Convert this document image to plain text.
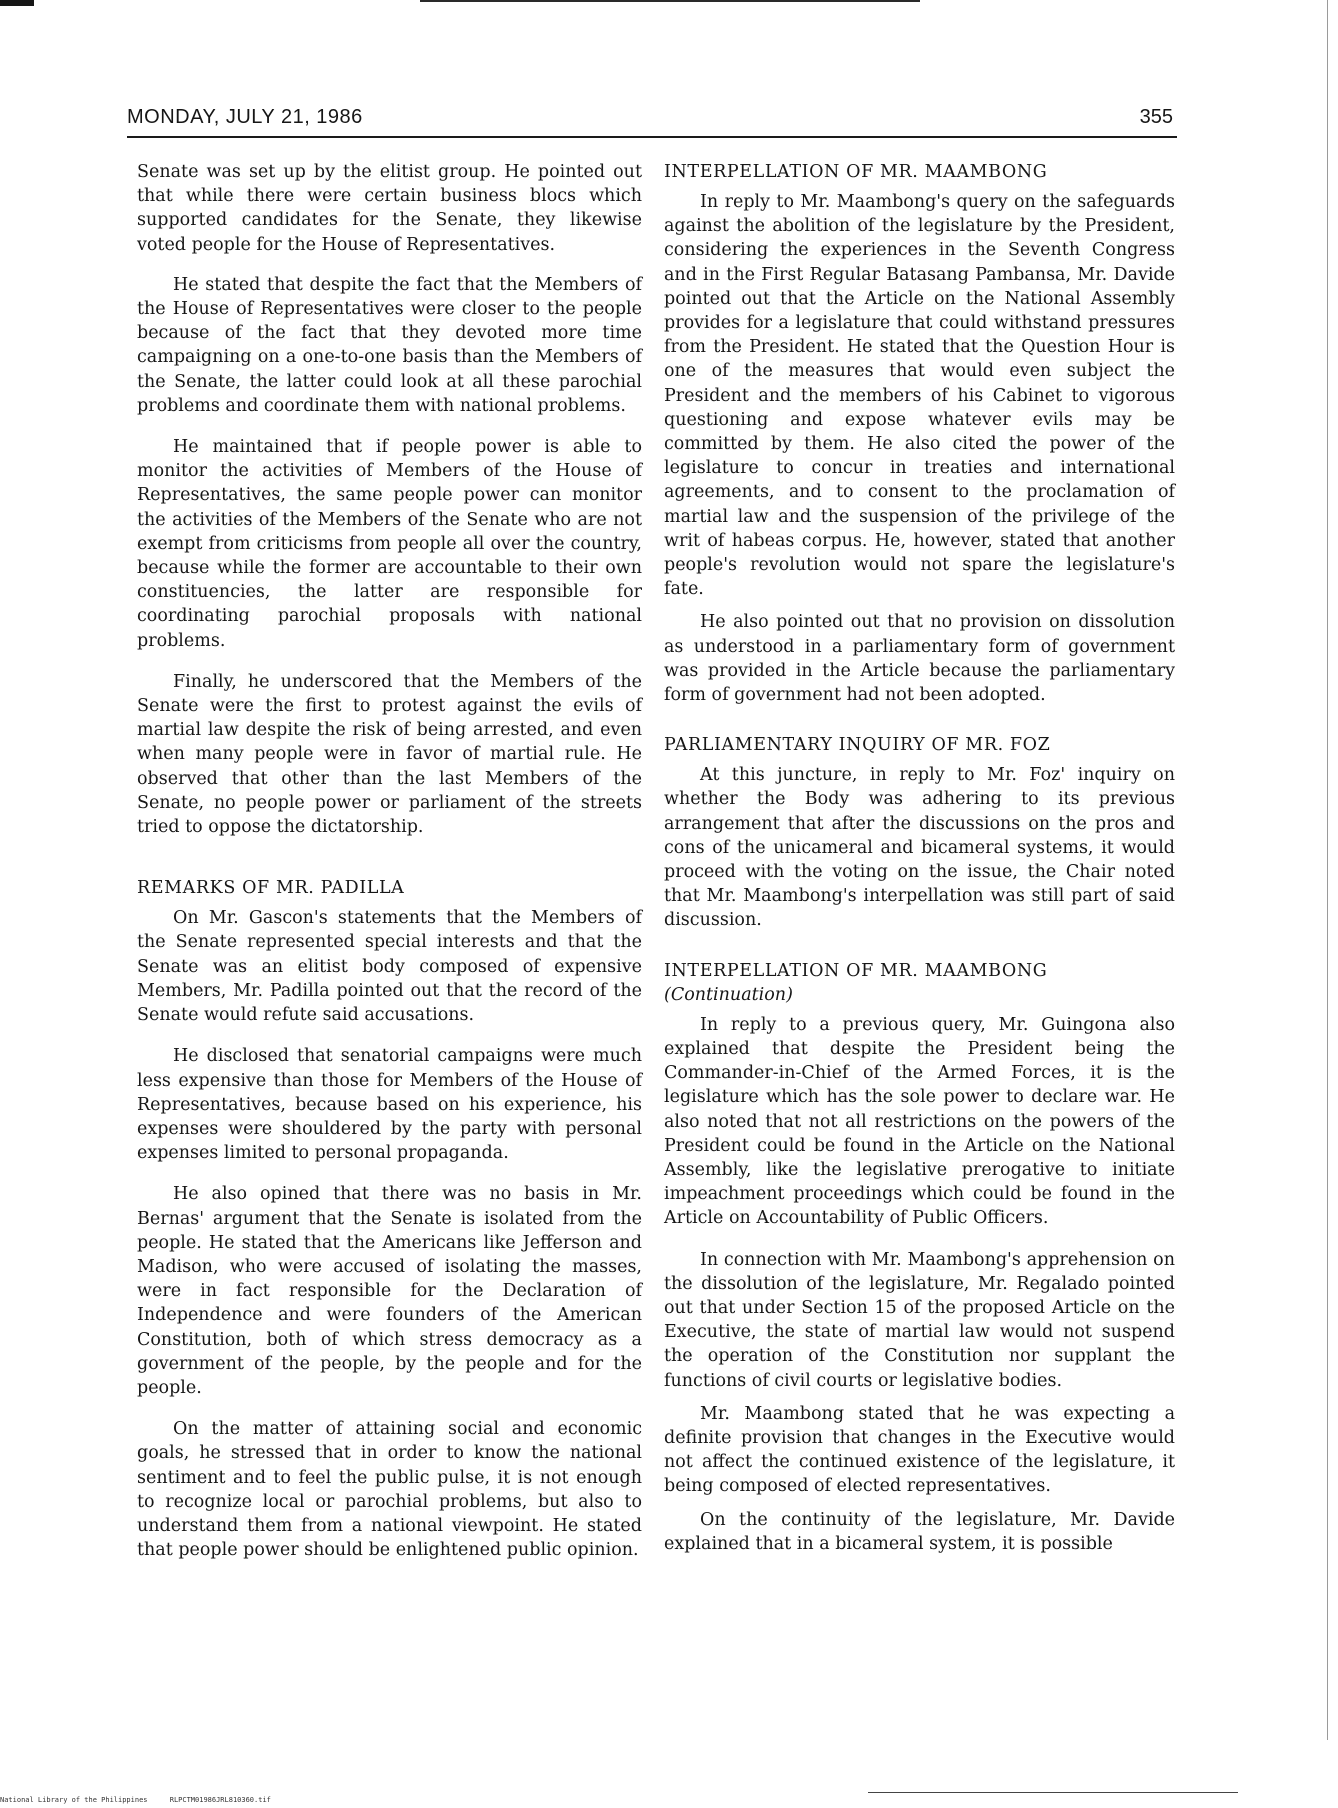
MONDAY, JULY 21, 1986	355

Senate was set up by the elitist group. He pointed out that while there were certain business blocs which supported candidates for the Senate, they likewise voted people for the House of Representatives.

He stated that despite the fact that the Members of the House of Representatives were closer to the people because of the fact that they devoted more time campaigning on a one-to-one basis than the Members of the Senate, the latter could look at all these parochial problems and coordinate them with national problems.

He maintained that if people power is able to monitor the activities of Members of the House of Representatives, the same people power can monitor the activities of the Members of the Senate who are not exempt from criticisms from people all over the country, because while the former are accountable to their own constituencies, the latter are responsible for coordinating parochial proposals with national problems.

Finally, he underscored that the Members of the Senate were the first to protest against the evils of martial law despite the risk of being arrested, and even when many people were in favor of martial rule. He observed that other than the last Members of the Senate, no people power or parliament of the streets tried to oppose the dictatorship.

REMARKS OF MR. PADILLA

On Mr. Gascon's statements that the Members of the Senate represented special interests and that the Senate was an elitist body composed of expensive Members, Mr. Padilla pointed out that the record of the Senate would refute said accusations.

He disclosed that senatorial campaigns were much less expensive than those for Members of the House of Representatives, because based on his experience, his expenses were shouldered by the party with personal expenses limited to personal propaganda.

He also opined that there was no basis in Mr. Bernas' argument that the Senate is isolated from the people. He stated that the Americans like Jefferson and Madison, who were accused of isolating the masses, were in fact responsible for the Declaration of Independence and were founders of the American Constitution, both of which stress democracy as a government of the people, by the people and for the people.

On the matter of attaining social and economic goals, he stressed that in order to know the national sentiment and to feel the public pulse, it is not enough to recognize local or parochial problems, but also to understand them from a national viewpoint. He stated that people power should be enlightened public opinion.

INTERPELLATION OF MR. MAAMBONG

In reply to Mr. Maambong's query on the safeguards against the abolition of the legislature by the President, considering the experiences in the Seventh Congress and in the First Regular Batasang Pambansa, Mr. Davide pointed out that the Article on the National Assembly provides for a legislature that could withstand pressures from the President. He stated that the Question Hour is one of the measures that would even subject the President and the members of his Cabinet to vigorous questioning and expose whatever evils may be committed by them. He also cited the power of the legislature to concur in treaties and international agreements, and to consent to the proclamation of martial law and the suspension of the privilege of the writ of habeas corpus. He, however, stated that another people's revolution would not spare the legislature's fate.

He also pointed out that no provision on dissolution as understood in a parliamentary form of government was provided in the Article because the parliamentary form of government had not been adopted.

PARLIAMENTARY INQUIRY OF MR. FOZ

At this juncture, in reply to Mr. Foz' inquiry on whether the Body was adhering to its previous arrangement that after the discussions on the pros and cons of the unicameral and bicameral systems, it would proceed with the voting on the issue, the Chair noted that Mr. Maambong's interpellation was still part of said discussion.

INTERPELLATION OF MR. MAAMBONG
(Continuation)

In reply to a previous query, Mr. Guingona also explained that despite the President being the Commander-in-Chief of the Armed Forces, it is the legislature which has the sole power to declare war. He also noted that not all restrictions on the powers of the President could be found in the Article on the National Assembly, like the legislative prerogative to initiate impeachment proceedings which could be found in the Article on Accountability of Public Officers.

In connection with Mr. Maambong's apprehension on the dissolution of the legislature, Mr. Regalado pointed out that under Section 15 of the proposed Article on the Executive, the state of martial law would not suspend the operation of the Constitution nor supplant the functions of civil courts or legislative bodies.

Mr. Maambong stated that he was expecting a definite provision that changes in the Executive would not affect the continued existence of the legislature, it being composed of elected representatives.

On the continuity of the legislature, Mr. Davide explained that in a bicameral system, it is possible

National Library of the Philippines	RLPCTM01986JRL810360.tif
